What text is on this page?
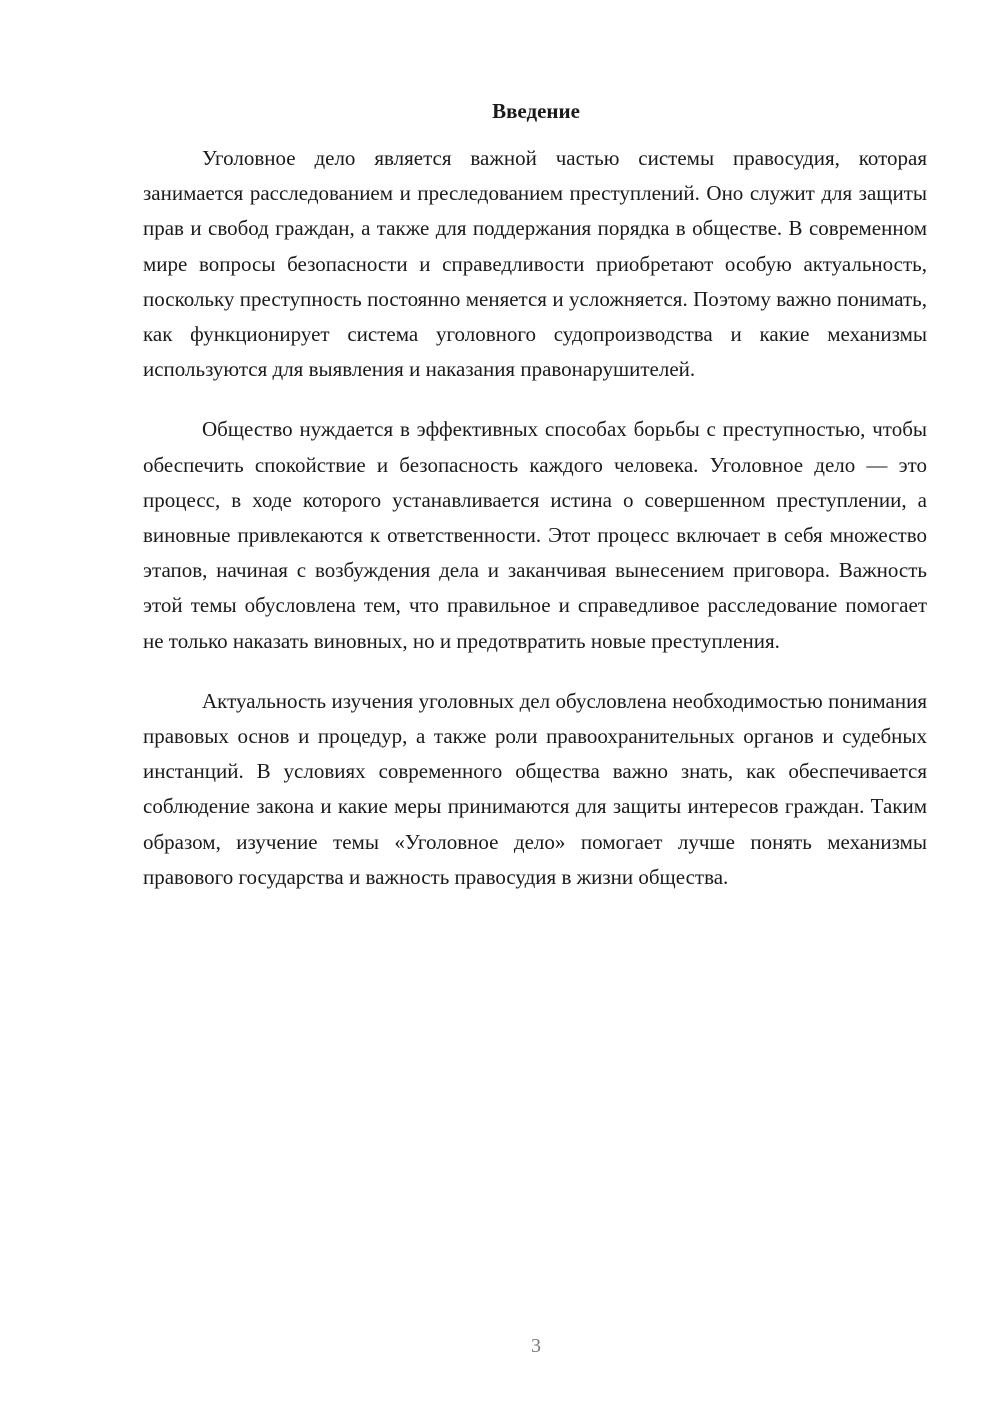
Введение

Уголовное дело является важной частью системы правосудия, которая занимается расследованием и преследованием преступлений. Оно служит для защиты прав и свобод граждан, а также для поддержания порядка в обществе. В современном мире вопросы безопасности и справедливости приобретают особую актуальность, поскольку преступность постоянно меняется и усложняется. Поэтому важно понимать, как функционирует система уголовного судопроизводства и какие механизмы используются для выявления и наказания правонарушителей.

Общество нуждается в эффективных способах борьбы с преступностью, чтобы обеспечить спокойствие и безопасность каждого человека. Уголовное дело — это процесс, в ходе которого устанавливается истина о совершенном преступлении, а виновные привлекаются к ответственности. Этот процесс включает в себя множество этапов, начиная с возбуждения дела и заканчивая вынесением приговора. Важность этой темы обусловлена тем, что правильное и справедливое расследование помогает не только наказать виновных, но и предотвратить новые преступления.

Актуальность изучения уголовных дел обусловлена необходимостью понимания правовых основ и процедур, а также роли правоохранительных органов и судебных инстанций. В условиях современного общества важно знать, как обеспечивается соблюдение закона и какие меры принимаются для защиты интересов граждан. Таким образом, изучение темы «Уголовное дело» помогает лучше понять механизмы правового государства и важность правосудия в жизни общества.

3
